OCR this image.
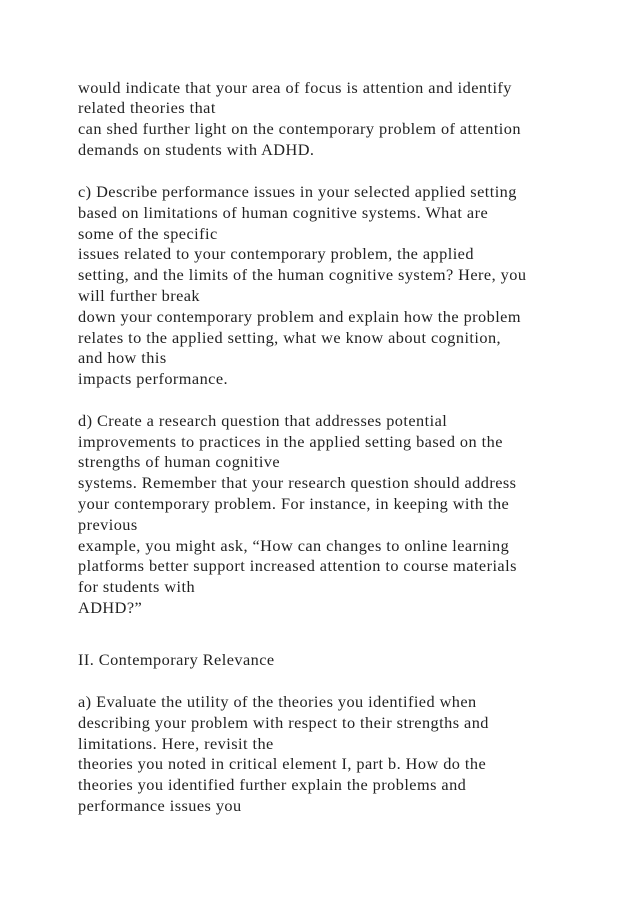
would indicate that your area of focus is attention and identify
related theories that
can shed further light on the contemporary problem of attention
demands on students with ADHD.
c) Describe performance issues in your selected applied setting
based on limitations of human cognitive systems. What are
some of the specific
issues related to your contemporary problem, the applied
setting, and the limits of the human cognitive system? Here, you
will further break
down your contemporary problem and explain how the problem
relates to the applied setting, what we know about cognition,
and how this
impacts performance.
d) Create a research question that addresses potential
improvements to practices in the applied setting based on the
strengths of human cognitive
systems. Remember that your research question should address
your contemporary problem. For instance, in keeping with the
previous
example, you might ask, “How can changes to online learning
platforms better support increased attention to course materials
for students with
ADHD?”
II. Contemporary Relevance
a) Evaluate the utility of the theories you identified when
describing your problem with respect to their strengths and
limitations. Here, revisit the
theories you noted in critical element I, part b. How do the
theories you identified further explain the problems and
performance issues you
